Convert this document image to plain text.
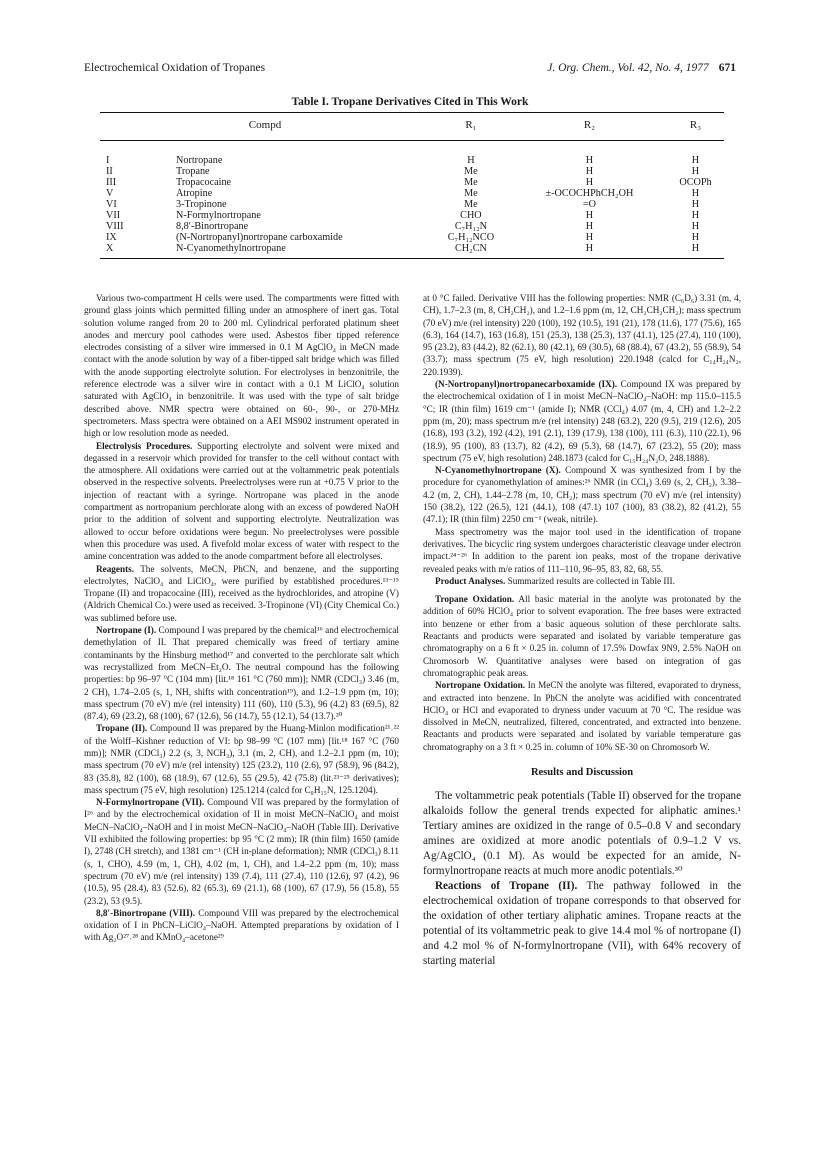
Electrochemical Oxidation of Tropanes	J. Org. Chem., Vol. 42, No. 4, 1977 671
Table I. Tropane Derivatives Cited in This Work
Compd		R₁	R₂	R₃
I	Nortropane	H	H	H
II	Tropane	Me	H	H
III	Tropacocaine	Me	H	OCOPh
V	Atropine	Me	±-OCOCHPhCH₂OH	H
VI	3-Tropinone	Me	=O	H
VII	N-Formylnortropane	CHO	H	H
VIII	8,8′-Binortropane	C₇H₁₂N	H	H
IX	(N-Nortropanyl)nortropane carboxamide	C₇H₁₂NCO	H	H
X	N-Cyanomethylnortropane	CH₂CN	H	H

Various two-compartment H cells were used. The compartments were fitted with ground glass joints which permitted filling under an atmosphere of inert gas. Total solution volume ranged from 20 to 200 ml. Cylindrical perforated platinum sheet anodes and mercury pool cathodes were used. Asbestos fiber tipped reference electrodes consisting of a silver wire immersed in 0.1 M AgClO₄ in MeCN made contact with the anode solution by way of a fiber-tipped salt bridge which was filled with the anode supporting electrolyte solution. For electrolyses in benzonitrile, the reference electrode was a silver wire in contact with a 0.1 M LiClO₄ solution saturated with AgClO₄ in benzonitrile. It was used with the type of salt bridge described above. NMR spectra were obtained on 60-, 90-, or 270-MHz spectrometers. Mass spectra were obtained on a AEI MS902 instrument operated in high or low resolution mode as needed.

Electrolysis Procedures. Supporting electrolyte and solvent were mixed and degassed in a reservoir which provided for transfer to the cell without contact with the atmosphere. All oxidations were carried out at the voltammetric peak potentials observed in the respective solvents. Preelectrolyses were run at +0.75 V prior to the injection of reactant with a syringe. Nortropane was placed in the anode compartment as nortropanium perchlorate along with an excess of powdered NaOH prior to the addition of solvent and supporting electrolyte. Neutralization was allowed to occur before oxidations were begun. No preelectrolyses were possible when this procedure was used. A fivefold molar excess of water with respect to the amine concentration was added to the anode compartment before all electrolyses.

Reagents. The solvents, MeCN, PhCN, and benzene, and the supporting electrolytes, NaClO₄ and LiClO₄, were purified by established procedures.¹³⁻¹⁵ Tropane (II) and tropacocaine (III), received as the hydrochlorides, and atropine (V) (Aldrich Chemical Co.) were used as received. 3-Tropinone (VI) (City Chemical Co.) was sublimed before use.

Nortropane (I). Compound I was prepared by the chemical¹⁶ and electrochemical demethylation of II. That prepared chemically was freed of tertiary amine contaminants by the Hinsburg method¹⁷ and converted to the perchlorate salt which was recrystallized from MeCN–Et₂O. The neutral compound has the following properties: bp 96–97 °C (104 mm) [lit.¹⁸ 161 °C (760 mm)]; NMR (CDCl₃) 3.46 (m, 2 CH), 1.74–2.05 (s, 1, NH, shifts with concentration¹⁹), and 1.2–1.9 ppm (m, 10); mass spectrum (70 eV) m/e (rel intensity) 111 (60), 110 (5.3), 96 (4.2) 83 (69.5), 82 (87.4), 69 (23.2), 68 (100), 67 (12.6), 56 (14.7), 55 (12.1), 54 (13.7).²⁰

Tropane (II). Compound II was prepared by the Huang-Minlon modification²¹˒²² of the Wolff–Kishner reduction of VI: bp 98–99 °C (107 mm) [lit.¹⁸ 167 °C (760 mm)]; NMR (CDCl₃) 2.2 (s, 3, NCH₃), 3.1 (m, 2, CH), and 1.2–2.1 ppm (m, 10); mass spectrum (70 eV) m/e (rel intensity) 125 (23.2), 110 (2.6), 97 (58.9), 96 (84.2), 83 (35.8), 82 (100), 68 (18.9), 67 (12.6), 55 (29.5), 42 (75.8) (lit.²³⁻²⁵ derivatives); mass spectrum (75 eV, high resolution) 125.1214 (calcd for C₈H₁₅N, 125.1204).

N-Formylnortropane (VII). Compound VII was prepared by the formylation of I²⁶ and by the electrochemical oxidation of II in moist MeCN–NaClO₄ and moist MeCN–NaClO₄–NaOH and I in moist MeCN–NaClO₄–NaOH (Table III). Derivative VII exhibited the following properties: bp 95 °C (2 mm); IR (thin film) 1650 (amide I), 2748 (CH stretch), and 1381 cm⁻¹ (CH in-plane deformation); NMR (CDCl₃) 8.11 (s, 1, CHO), 4.59 (m, 1, CH), 4.02 (m, 1, CH), and 1.4–2.2 ppm (m, 10); mass spectrum (70 eV) m/e (rel intensity) 139 (7.4), 111 (27.4), 110 (12.6), 97 (4.2), 96 (10.5), 95 (28.4), 83 (52.6), 82 (65.3), 69 (21.1), 68 (100), 67 (17.9), 56 (15.8), 55 (23.2), 53 (9.5).

8,8′-Binortropane (VIII). Compound VIII was prepared by the electrochemical oxidation of I in PhCN–LiClO₄–NaOH. Attempted preparations by oxidation of I with Ag₂O²⁷˒²⁸ and KMnO₄–acetone²⁹

at 0 °C failed. Derivative VIII has the following properties: NMR (C₆D₆) 3.31 (m, 4, CH), 1.7–2.3 (m, 8, CH₂CH₂), and 1.2–1.6 ppm (m, 12, CH₂CH₂CH₂); mass spectrum (70 eV) m/e (rel intensity) 220 (100), 192 (10.5), 191 (21), 178 (11.6), 177 (75.6), 165 (6.3), 164 (14.7), 163 (16.8), 151 (25.3), 138 (25.3), 137 (41.1), 125 (27.4), 110 (100), 95 (23.2), 83 (44.2), 82 (62.1), 80 (42.1), 69 (30.5), 68 (88.4), 67 (43.2), 55 (58.9), 54 (33.7); mass spectrum (75 eV, high resolution) 220.1948 (calcd for C₁₄H₂₄N₂, 220.1939).

(N-Nortropanyl)nortropanecarboxamide (IX). Compound IX was prepared by the electrochemical oxidation of I in moist MeCN–NaClO₄–NaOH: mp 115.0–115.5 °C; IR (thin film) 1619 cm⁻¹ (amide I); NMR (CCl₄) 4.07 (m, 4, CH) and 1.2–2.2 ppm (m, 20); mass spectrum m/e (rel intensity) 248 (63.2), 220 (9.5), 219 (12.6), 205 (16.8), 193 (3.2), 192 (4.2), 191 (2.1), 139 (17.9), 138 (100), 111 (6.3), 110 (22.1), 96 (18.9), 95 (100), 83 (13.7), 82 (4.2), 69 (5.3), 68 (14.7), 67 (23.2), 55 (20); mass spectrum (75 eV, high resolution) 248.1873 (calcd for C₁₅H₂₄N₂O, 248.1888).

N-Cyanomethylnortropane (X). Compound X was synthesized from I by the procedure for cyanomethylation of amines:²⁶ NMR (in CCl₄) 3.69 (s, 2, CH₂), 3.38–4.2 (m, 2, CH), 1.44–2.78 (m, 10, CH₂); mass spectrum (70 eV) m/e (rel intensity) 150 (38.2), 122 (26.5), 121 (44.1), 108 (47.1) 107 (100), 83 (38.2), 82 (41.2), 55 (47.1); IR (thin film) 2250 cm⁻¹ (weak, nitrile).

Mass spectrometry was the major tool used in the identification of tropane derivatives. The bicyclic ring system undergoes characteristic cleavage under electron impact.²⁴⁻²⁶ In addition to the parent ion peaks, most of the tropane derivative revealed peaks with m/e ratios of 111–110, 96–95, 83, 82, 68, 55.

Product Analyses. Summarized results are collected in Table III.

Tropane Oxidation. All basic material in the anolyte was protonated by the addition of 60% HClO₄ prior to solvent evaporation. The free bases were extracted into benzene or ether from a basic aqueous solution of these perchlorate salts. Reactants and products were separated and isolated by variable temperature gas chromatography on a 6 ft × 0.25 in. column of 17.5% Dowfax 9N9, 2.5% NaOH on Chromosorb W. Quantitative analyses were based on integration of gas chromatographic peak areas.

Nortropane Oxidation. In MeCN the anolyte was filtered, evaporated to dryness, and extracted into benzene. In PhCN the anolyte was acidified with concentrated HClO₄ or HCl and evaporated to dryness under vacuum at 70 °C. The residue was dissolved in MeCN, neutralized, filtered, concentrated, and extracted into benzene. Reactants and products were separated and isolated by variable temperature gas chromatography on a 3 ft × 0.25 in. column of 10% SE-30 on Chromosorb W.

Results and Discussion

The voltammetric peak potentials (Table II) observed for the tropane alkaloids follow the general trends expected for aliphatic amines.¹ Tertiary amines are oxidized in the range of 0.5–0.8 V and secondary amines are oxidized at more anodic potentials of 0.9–1.2 V vs. Ag/AgClO₄ (0.1 M). As would be expected for an amide, N-formylnortropane reacts at much more anodic potentials.³⁰

Reactions of Tropane (II). The pathway followed in the electrochemical oxidation of tropane corresponds to that observed for the oxidation of other tertiary aliphatic amines. Tropane reacts at the potential of its voltammetric peak to give 14.4 mol % of nortropane (I) and 4.2 mol % of N-formylnortropane (VII), with 64% recovery of starting material
